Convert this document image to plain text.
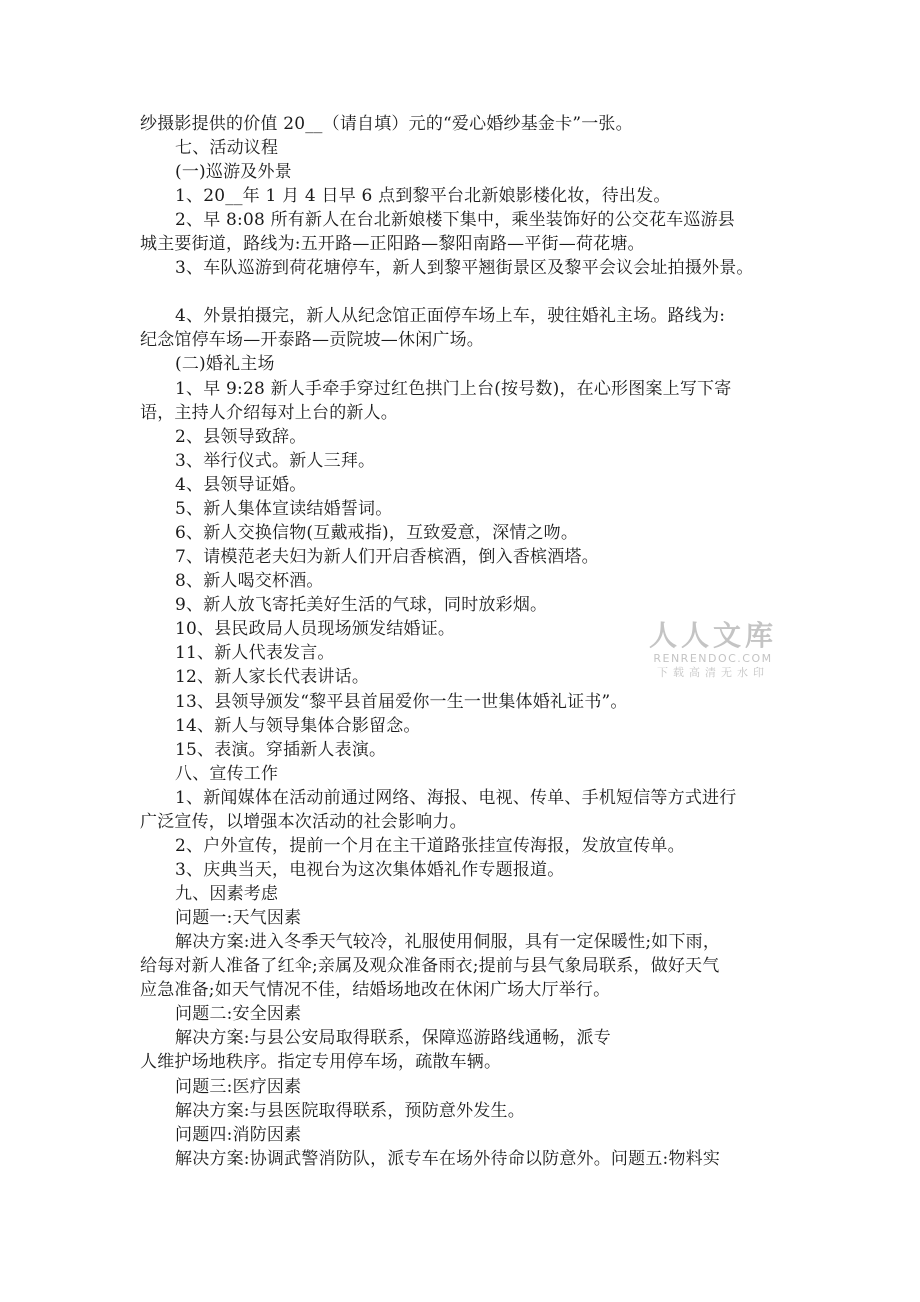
纱摄影提供的价值 20__（请自填）元的“爱心婚纱基金卡”一张。
七、活动议程
(一)巡游及外景
1、20__年 1 月 4 日早 6 点到黎平台北新娘影楼化妆，待出发。
2、早 8:08 所有新人在台北新娘楼下集中，乘坐装饰好的公交花车巡游县
城主要街道，路线为:五开路—正阳路—黎阳南路—平街—荷花塘。
3、车队巡游到荷花塘停车，新人到黎平翘街景区及黎平会议会址拍摄外景。
4、外景拍摄完，新人从纪念馆正面停车场上车，驶往婚礼主场。路线为:
纪念馆停车场—开泰路—贡院坡—休闲广场。
(二)婚礼主场
1、早 9:28 新人手牵手穿过红色拱门上台(按号数)，在心形图案上写下寄
语，主持人介绍每对上台的新人。
2、县领导致辞。
3、举行仪式。新人三拜。
4、县领导证婚。
5、新人集体宣读结婚誓词。
6、新人交换信物(互戴戒指)，互致爱意，深情之吻。
7、请模范老夫妇为新人们开启香槟酒，倒入香槟酒塔。
8、新人喝交杯酒。
9、新人放飞寄托美好生活的气球，同时放彩烟。
10、县民政局人员现场颁发结婚证。
11、新人代表发言。
12、新人家长代表讲话。
13、县领导颁发“黎平县首届爱你一生一世集体婚礼证书”。
14、新人与领导集体合影留念。
15、表演。穿插新人表演。
八、宣传工作
1、新闻媒体在活动前通过网络、海报、电视、传单、手机短信等方式进行
广泛宣传，以增强本次活动的社会影响力。
2、户外宣传，提前一个月在主干道路张挂宣传海报，发放宣传单。
3、庆典当天，电视台为这次集体婚礼作专题报道。
九、因素考虑
问题一:天气因素
解决方案:进入冬季天气较冷，礼服使用侗服，具有一定保暖性;如下雨，
给每对新人准备了红伞;亲属及观众准备雨衣;提前与县气象局联系，做好天气
应急准备;如天气情况不佳，结婚场地改在休闲广场大厅举行。
问题二:安全因素
解决方案:与县公安局取得联系，保障巡游路线通畅，派专
人维护场地秩序。指定专用停车场，疏散车辆。
问题三:医疗因素
解决方案:与县医院取得联系，预防意外发生。
问题四:消防因素
解决方案:协调武警消防队，派专车在场外待命以防意外。问题五:物料实
人人文库
RENRENDOC.COM
下载高清无水印
